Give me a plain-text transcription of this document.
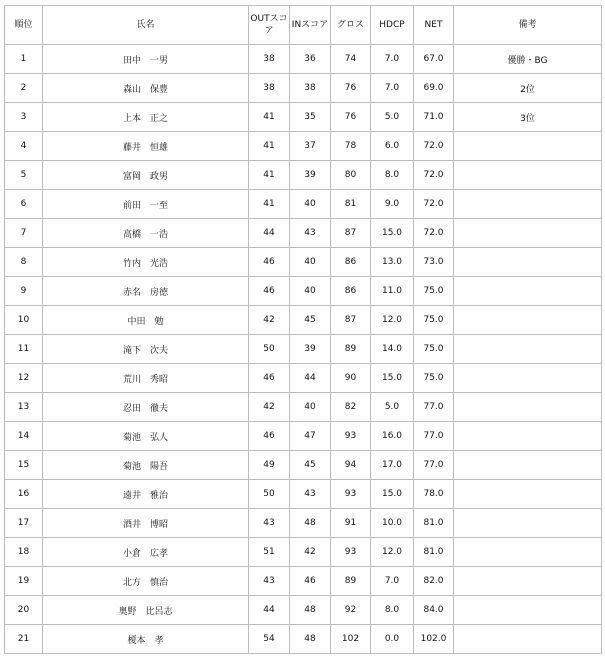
順位	氏名	OUTスコア	INスコア	グロス	HDCP	NET	備考
1	田中　一男	38	36	74	7.0	67.0	優勝・BG
2	森山　保豊	38	38	76	7.0	69.0	2位
3	上本　正之	41	35	76	5.0	71.0	3位
4	藤井　恒雄	41	37	78	6.0	72.0	
5	富岡　政男	41	39	80	8.0	72.0	
6	前田　一至	41	40	81	9.0	72.0	
7	高橋　一浩	44	43	87	15.0	72.0	
8	竹内　光浩	46	40	86	13.0	73.0	
9	赤名　房徳	46	40	86	11.0	75.0	
10	中田　勉	42	45	87	12.0	75.0	
11	滝下　次夫	50	39	89	14.0	75.0	
12	荒川　秀昭	46	44	90	15.0	75.0	
13	忍田　徹夫	42	40	82	5.0	77.0	
14	菊池　弘人	46	47	93	16.0	77.0	
15	菊池　陽吾	49	45	94	17.0	77.0	
16	遠井　雅治	50	43	93	15.0	78.0	
17	酒井　博昭	43	48	91	10.0	81.0	
18	小倉　広孝	51	42	93	12.0	81.0	
19	北方　慎治	43	46	89	7.0	82.0	
20	奥野　比呂志	44	48	92	8.0	84.0	
21	榎本　孝	54	48	102	0.0	102.0	
